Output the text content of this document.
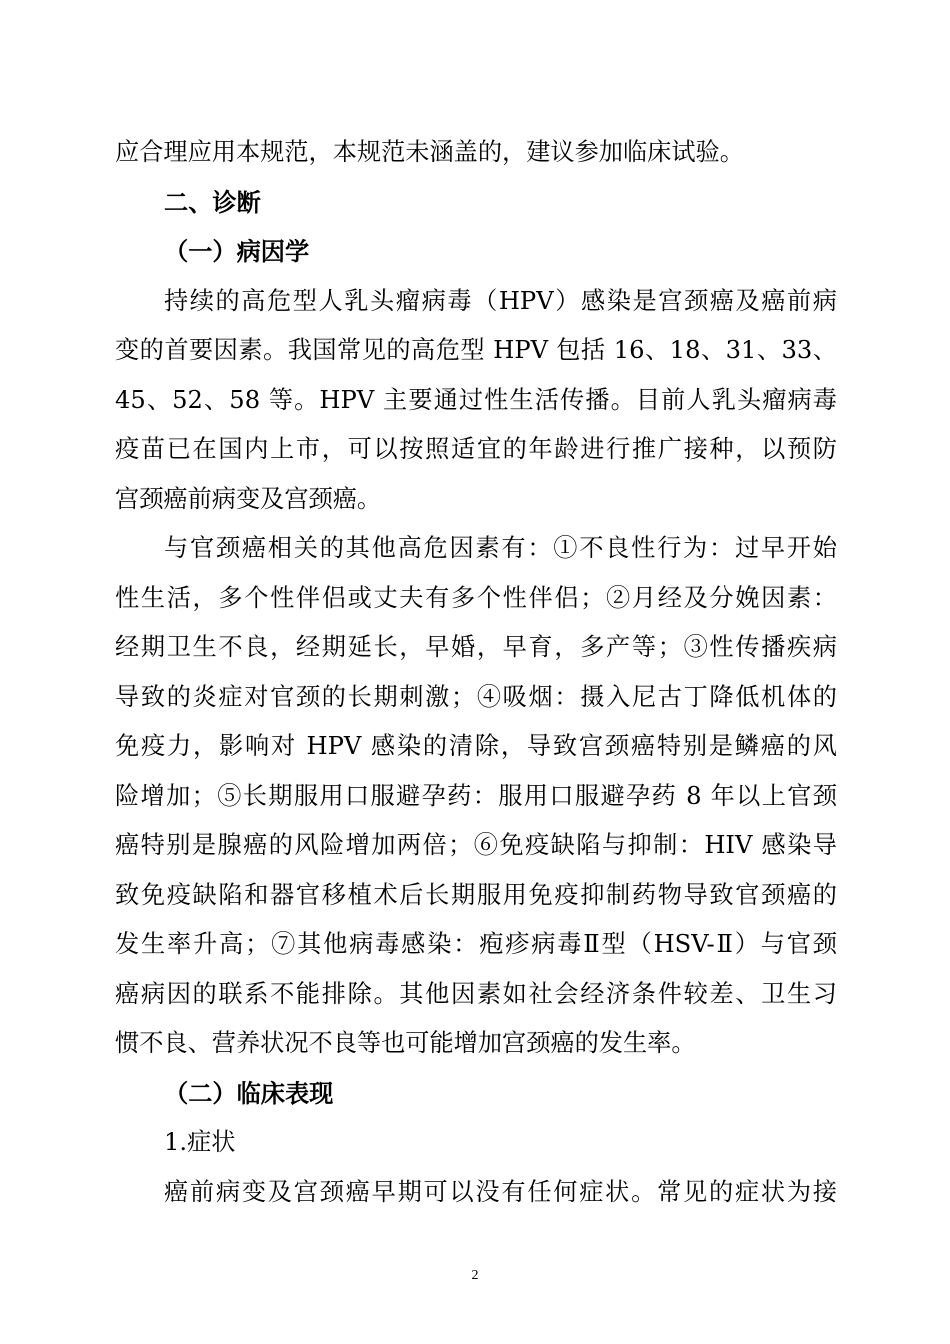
应合理应用本规范，本规范未涵盖的，建议参加临床试验。
二、诊断
（一）病因学
持续的高危型人乳头瘤病毒（HPV）感染是宫颈癌及癌前病
变的首要因素。我国常见的高危型 HPV 包括 16、18、31、33、
45、52、58 等。HPV 主要通过性生活传播。目前人乳头瘤病毒
疫苗已在国内上市，可以按照适宜的年龄进行推广接种，以预防
宫颈癌前病变及宫颈癌。
与官颈癌相关的其他高危因素有：①不良性行为：过早开始
性生活，多个性伴侣或丈夫有多个性伴侣；②月经及分娩因素：
经期卫生不良，经期延长，早婚，早育，多产等；③性传播疾病
导致的炎症对官颈的长期刺激；④吸烟：摄入尼古丁降低机体的
免疫力，影响对 HPV 感染的清除，导致宫颈癌特别是鳞癌的风
险增加；⑤长期服用口服避孕药：服用口服避孕药 8 年以上官颈
癌特别是腺癌的风险增加两倍；⑥免疫缺陷与抑制：HIV 感染导
致免疫缺陷和器官移植术后长期服用免疫抑制药物导致官颈癌的
发生率升高；⑦其他病毒感染：疱疹病毒Ⅱ型（HSV-Ⅱ）与官颈
癌病因的联系不能排除。其他因素如社会经济条件较差、卫生习
惯不良、营养状况不良等也可能增加宫颈癌的发生率。
（二）临床表现
1.症状
癌前病变及宫颈癌早期可以没有任何症状。常见的症状为接
2
